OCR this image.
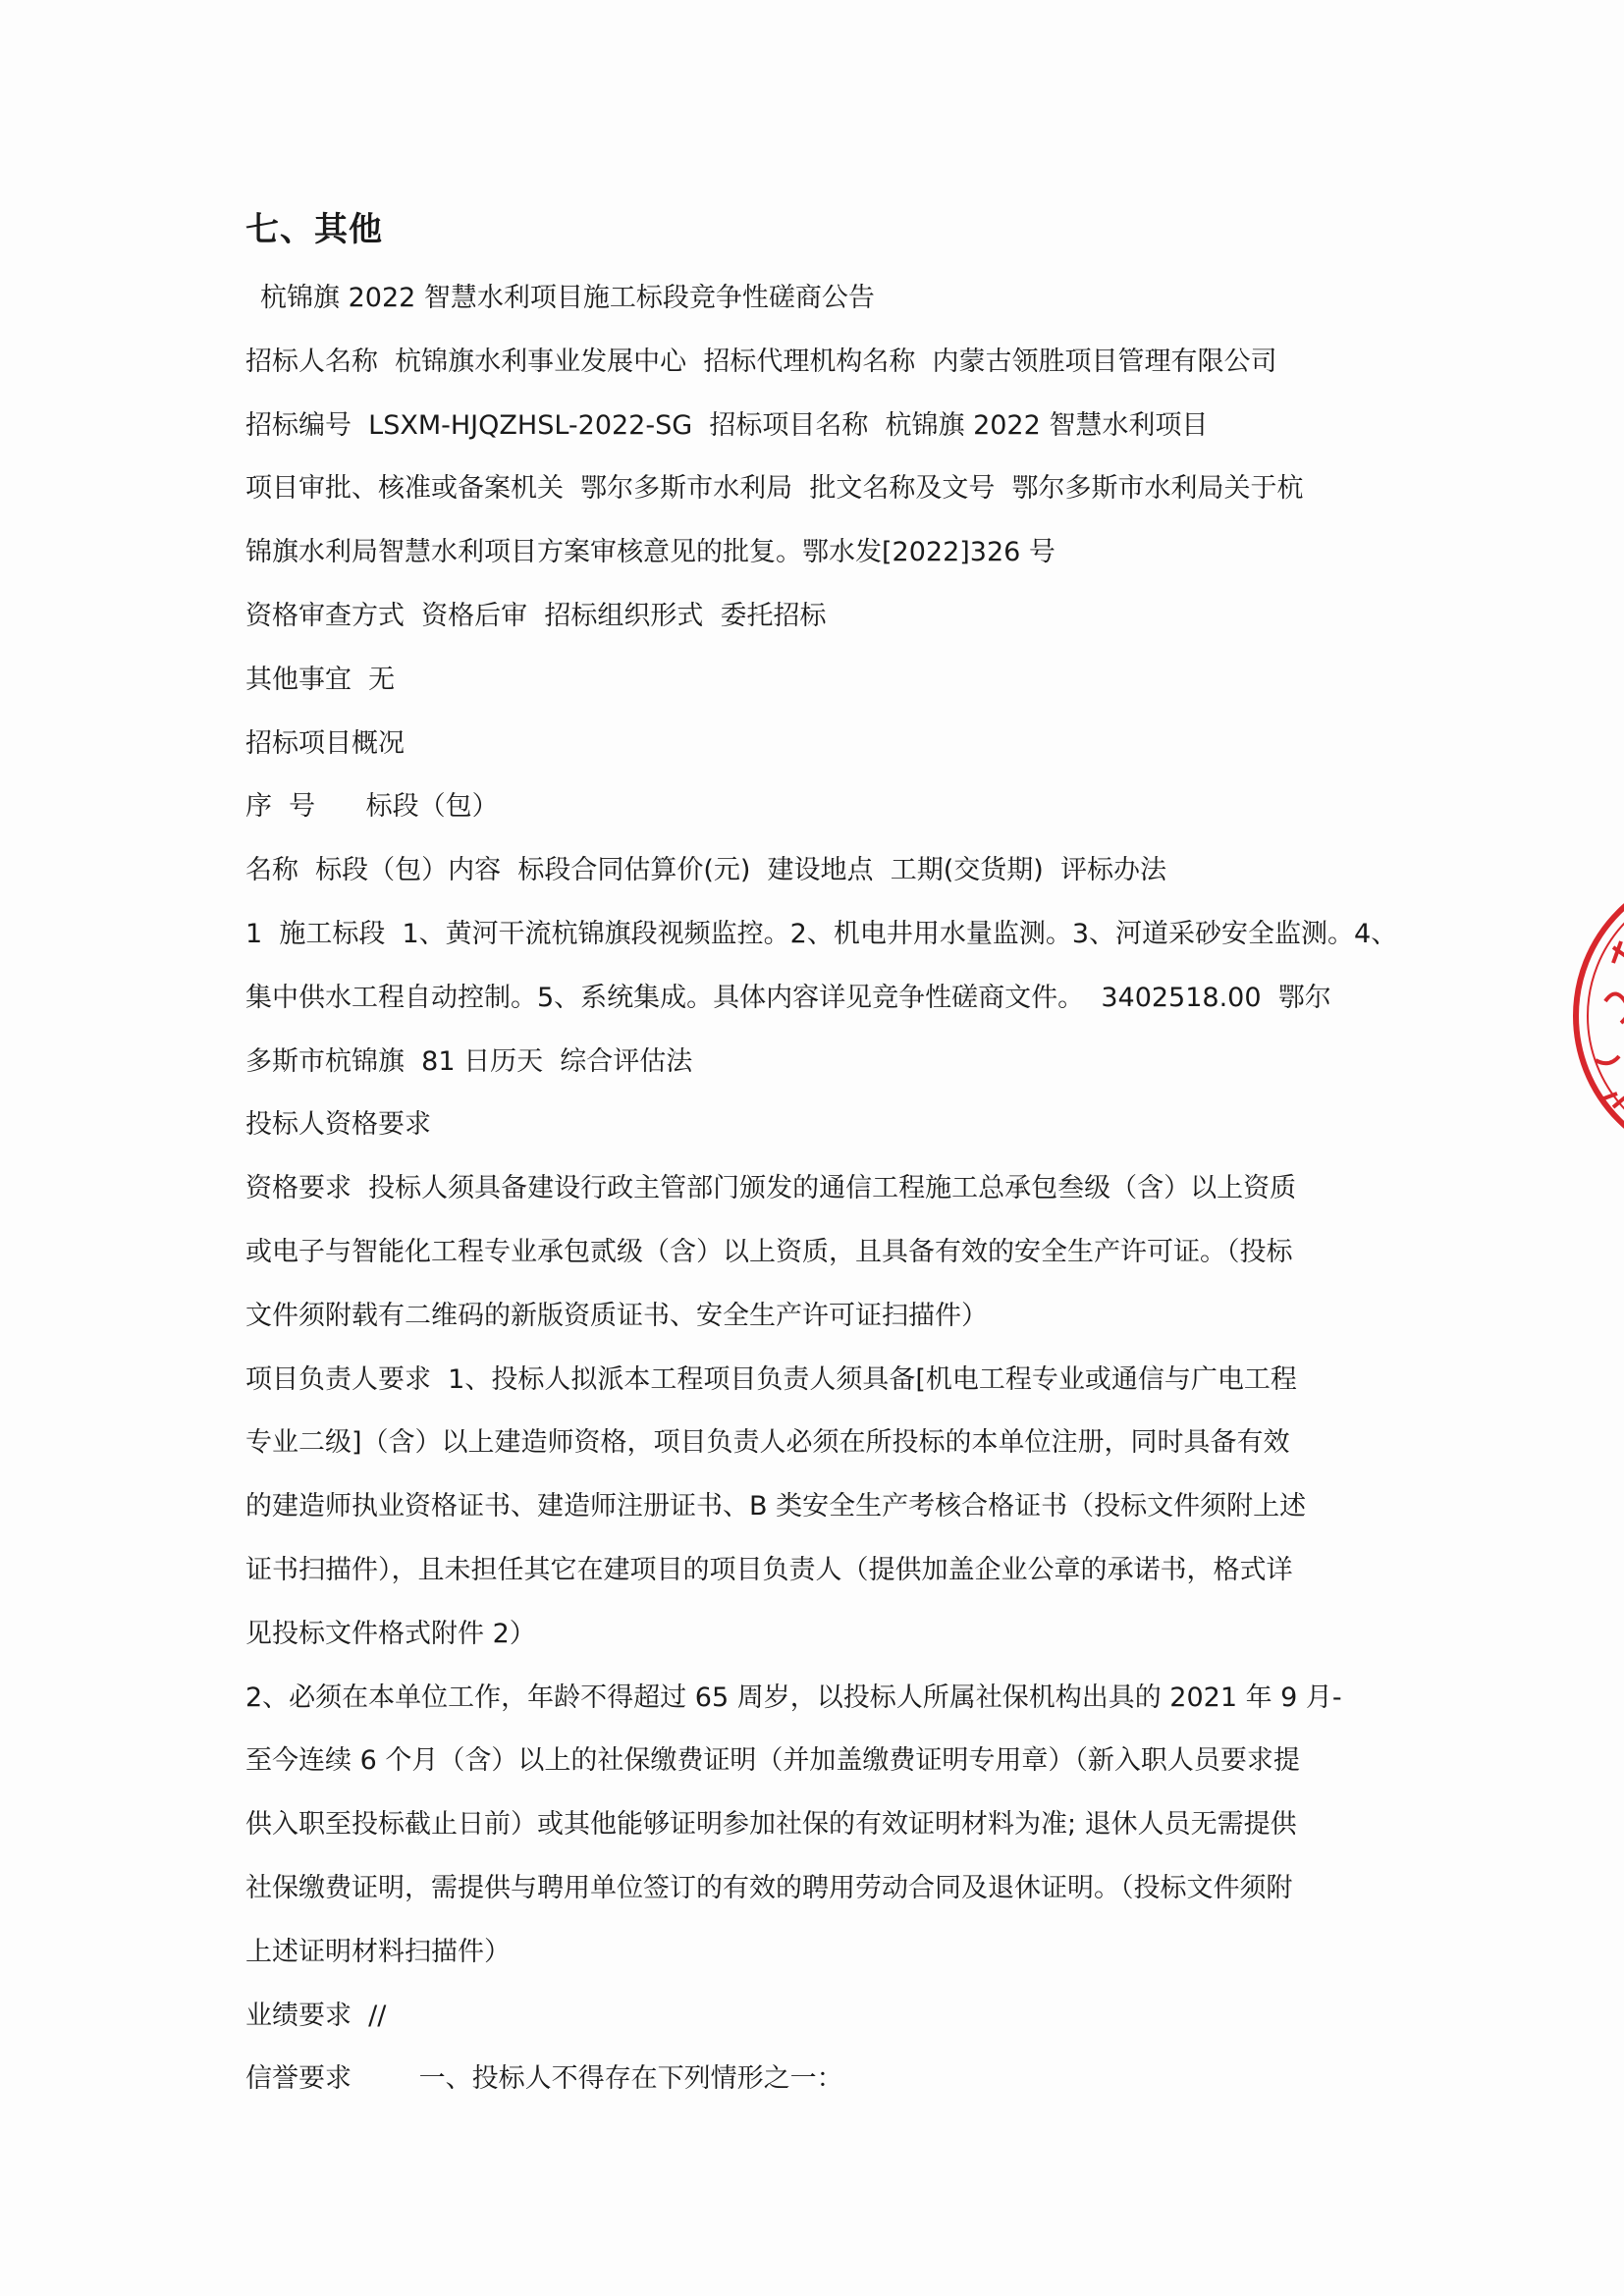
七、其他

杭锦旗 2022 智慧水利项目施工标段竞争性磋商公告

招标人名称  杭锦旗水利事业发展中心  招标代理机构名称  内蒙古领胜项目管理有限公司

招标编号  LSXM-HJQZHSL-2022-SG  招标项目名称  杭锦旗 2022 智慧水利项目

项目审批、核准或备案机关  鄂尔多斯市水利局  批文名称及文号  鄂尔多斯市水利局关于杭

锦旗水利局智慧水利项目方案审核意见的批复。鄂水发[2022]326 号

资格审查方式  资格后审  招标组织形式  委托招标

其他事宜  无

招标项目概况

序  号      标段（包）

名称  标段（包）内容  标段合同估算价(元)  建设地点  工期(交货期)  评标办法

1  施工标段  1、黄河干流杭锦旗段视频监控。2、机电井用水量监测。3、河道采砂安全监测。4、

集中供水工程自动控制。5、系统集成。具体内容详见竞争性磋商文件。  3402518.00  鄂尔

多斯市杭锦旗  81 日历天  综合评估法

投标人资格要求

资格要求  投标人须具备建设行政主管部门颁发的通信工程施工总承包叁级（含）以上资质

或电子与智能化工程专业承包贰级（含）以上资质，且具备有效的安全生产许可证。（投标

文件须附载有二维码的新版资质证书、安全生产许可证扫描件）

项目负责人要求  1、投标人拟派本工程项目负责人须具备[机电工程专业或通信与广电工程

专业二级]（含）以上建造师资格，项目负责人必须在所投标的本单位注册，同时具备有效

的建造师执业资格证书、建造师注册证书、B 类安全生产考核合格证书（投标文件须附上述

证书扫描件），且未担任其它在建项目的项目负责人（提供加盖企业公章的承诺书，格式详

见投标文件格式附件 2）

2、必须在本单位工作，年龄不得超过 65 周岁，以投标人所属社保机构出具的 2021 年 9 月-

至今连续 6 个月（含）以上的社保缴费证明（并加盖缴费证明专用章）（新入职人员要求提

供入职至投标截止日前）或其他能够证明参加社保的有效证明材料为准; 退休人员无需提供

社保缴费证明，需提供与聘用单位签订的有效的聘用劳动合同及退休证明。（投标文件须附

上述证明材料扫描件）

业绩要求  //

信誉要求        一、投标人不得存在下列情形之一：
